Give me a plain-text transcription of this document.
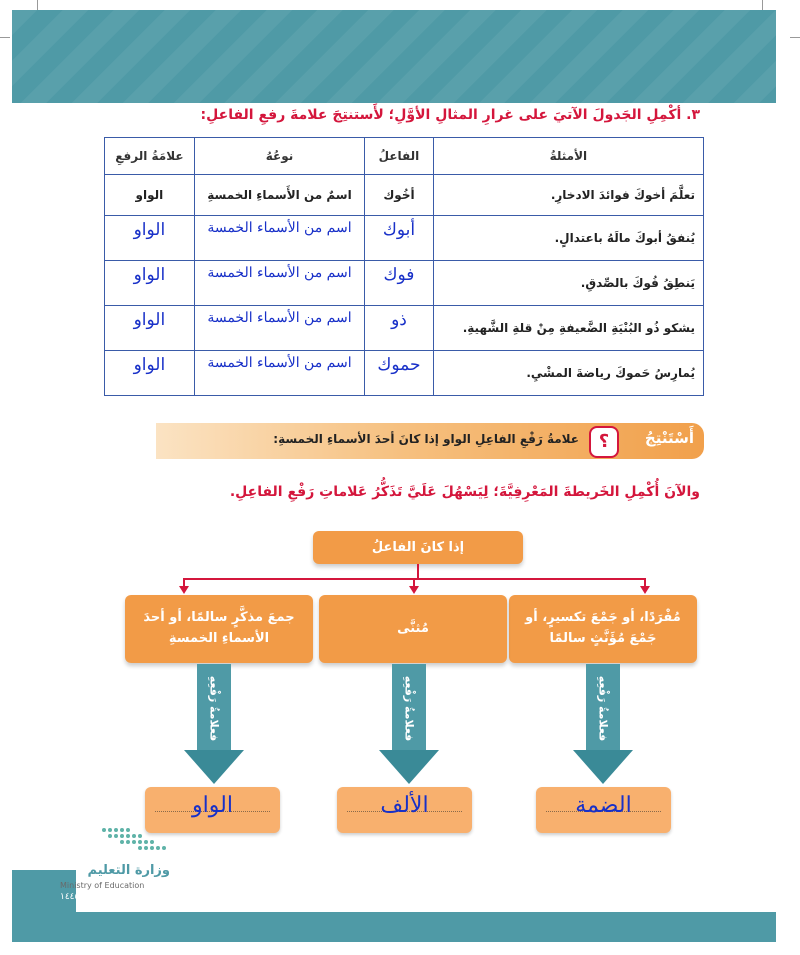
٣. أكْمِلِ الجَدولَ الآتيَ على غرارِ المثالِ الأوَّلِ؛ لأَستنتِجَ علامةَ رفعِ الفاعلِ:
الأمثلةُ	الفاعلُ	نوعُهُ	علامَةُ الرفعِ
تعلَّمَ أخوكَ فوائدَ الادخارِ.	أخُوك	اسمٌ من الأَسماءِ الخمسةِ	الواو
يُنفقُ أبوكَ مالَهُ باعتدالٍ.	أبوك	اسم من الأسماء الخمسة	الواو
يَنطِقُ فُوكَ بالصِّدقِ.	فوك	اسم من الأسماء الخمسة	الواو
يشكو ذُو البُنْيَةِ الضَّعيفةِ مِنْ قلةِ الشَّهيةِ.	ذو	اسم من الأسماء الخمسة	الواو
يُمارِسُ حَموكَ رياضةَ المشْيِ.	حموك	اسم من الأسماء الخمسة	الواو
أَسْتَنْتِجُ
؟
علامةُ رَفْعِ الفاعِلِ الواو إذا كانَ أحدَ الأسماءِ الخمسةِ:
والآنَ أُكْمِلِ الخَريطةَ المَعْرِفِيَّةَ؛ لِيَسْهُلَ عَلَيَّ تَذَكُّرُ عَلاماتِ رَفْعِ الفاعِلِ.
إذا كانَ الفاعلُ
مُفْرَدًا، أو جَمْعَ تكسيرٍ، أو جَمْعَ مُؤَنَّثٍ سالمًا
مُثنَّى
جمعَ مذكَّرٍ سالمًا، أو أحدَ الأسماءِ الخمسةِ
فعلامةُ رَفْعِهِ
فعلامةُ رَفْعِهِ
فعلامةُ رَفْعِهِ
الضمة
الألف
الواو
وزارة التعليم
Ministry of Education
٢٠٢٩ - ١٤٤٥
